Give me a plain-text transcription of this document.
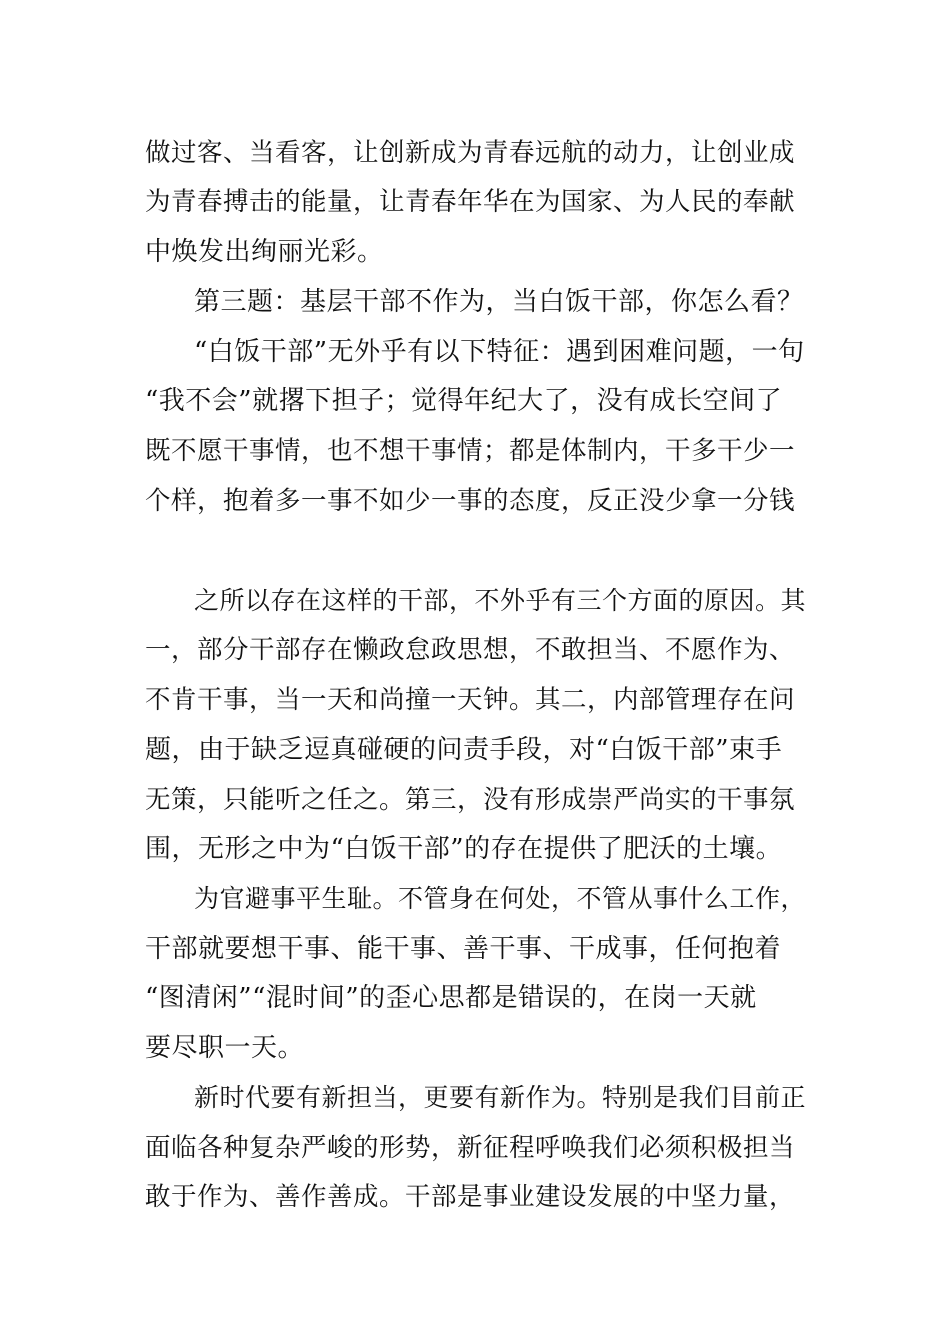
做过客、当看客，让创新成为青春远航的动力，让创业成
为青春搏击的能量，让青春年华在为国家、为人民的奉献
中焕发出绚丽光彩。
第三题：基层干部不作为，当白饭干部，你怎么看？
“白饭干部”无外乎有以下特征：遇到困难问题，一句
“我不会”就撂下担子；觉得年纪大了，没有成长空间了
既不愿干事情，也不想干事情；都是体制内，干多干少一
个样，抱着多一事不如少一事的态度，反正没少拿一分钱
之所以存在这样的干部，不外乎有三个方面的原因。其
一，部分干部存在懒政怠政思想，不敢担当、不愿作为、
不肯干事，当一天和尚撞一天钟。其二，内部管理存在问
题，由于缺乏逗真碰硬的问责手段，对“白饭干部”束手
无策，只能听之任之。第三，没有形成崇严尚实的干事氛
围，无形之中为“白饭干部”的存在提供了肥沃的土壤。
为官避事平生耻。不管身在何处，不管从事什么工作，
干部就要想干事、能干事、善干事、干成事，任何抱着
“图清闲”“混时间”的歪心思都是错误的，在岗一天就
要尽职一天。
新时代要有新担当，更要有新作为。特别是我们目前正
面临各种复杂严峻的形势，新征程呼唤我们必须积极担当
敢于作为、善作善成。干部是事业建设发展的中坚力量，
